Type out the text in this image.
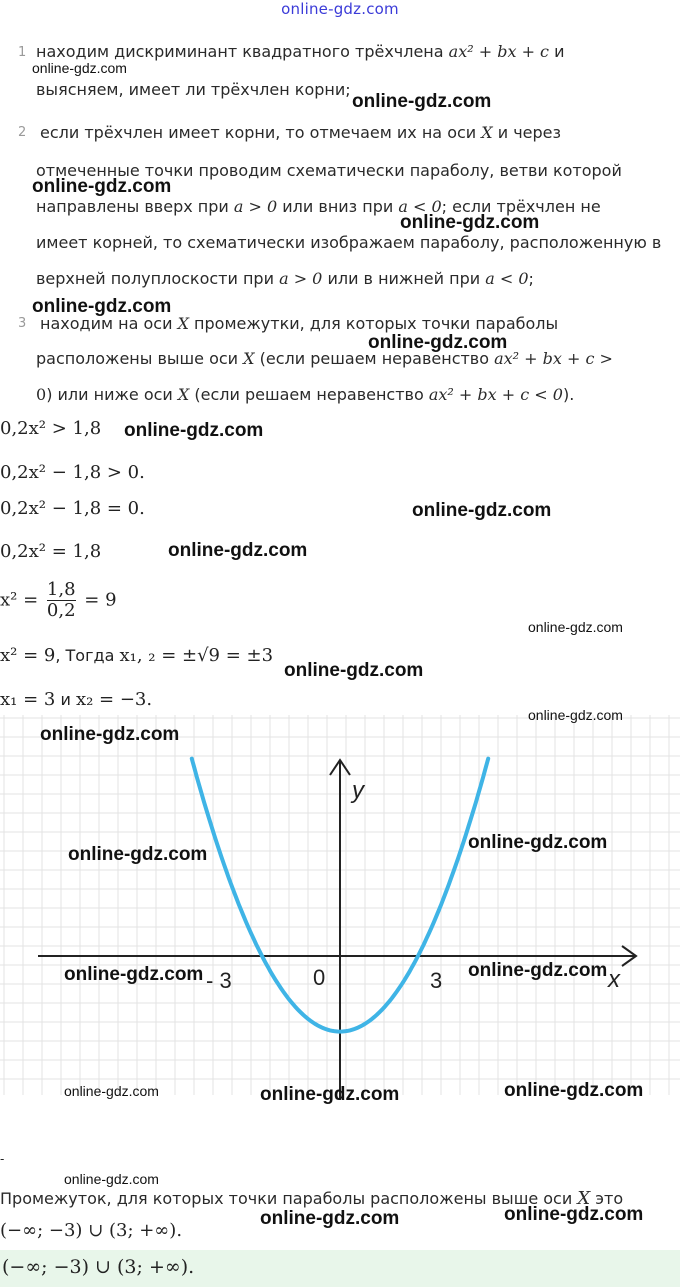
online-gdz.com
1 находим дискриминант квадратного трёхчлена ax² + bx + c и
выясняем, имеет ли трёхчлен корни;
2 если трёхчлен имеет корни, то отмечаем их на оси X и через
отмеченные точки проводим схематически параболу, ветви которой
направлены вверх при a > 0 или вниз при a < 0; если трёхчлен не
имеет корней, то схематически изображаем параболу, расположенную в
верхней полуплоскости при a > 0 или в нижней при a < 0;
3 находим на оси X промежутки, для которых точки параболы
расположены выше оси X (если решаем неравенство ax² + bx + c >
0) или ниже оси X (если решаем неравенство ax² + bx + c < 0).
0,2x² > 1,8
0,2x² − 1,8 > 0.
0,2x² − 1,8 = 0.
0,2x² = 1,8
$x^2 = \frac{1,8}{0,2} = 9$
x² = 9, Тогда x₁, ₂ = ±√9 = ±3
x₁ = 3 и x₂ = −3.
y
x
0
- 3	3
-
Промежуток, для которых точки параболы расположены выше оси X это
(−∞; −3) ∪ (3; +∞).
(−∞; −3) ∪ (3; +∞).
online-gdz.com
online-gdz.com
online-gdz.com
online-gdz.com
online-gdz.com
online-gdz.com
online-gdz.com
online-gdz.com
online-gdz.com
online-gdz.com
online-gdz.com
online-gdz.com
online-gdz.com
online-gdz.com
online-gdz.com
online-gdz.com	online-gdz.com
online-gdz.com	online-gdz.com	online-gdz.com
online-gdz.com
online-gdz.com	online-gdz.com
